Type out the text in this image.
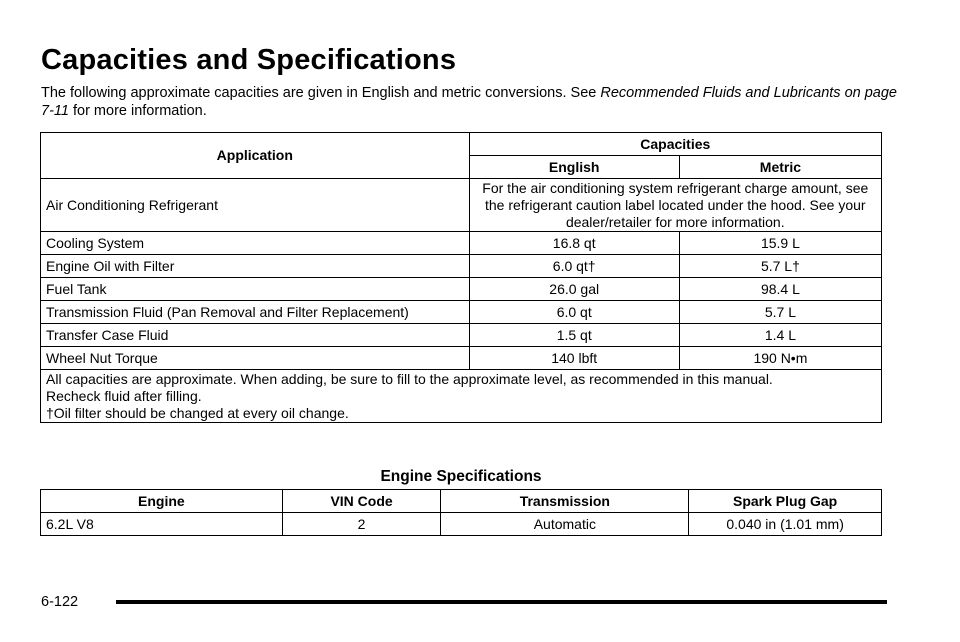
Capacities and Specifications
The following approximate capacities are given in English and metric conversions. See Recommended Fluids and Lubricants on page 7-11 for more information.
Application	Capacities	
	English	Metric
Air Conditioning Refrigerant	For the air conditioning system refrigerant charge amount, see the refrigerant caution label located under the hood. See your dealer/retailer for more information.	
Cooling System	16.8 qt	15.9 L
Engine Oil with Filter	6.0 qt†	5.7 L†
Fuel Tank	26.0 gal	98.4 L
Transmission Fluid (Pan Removal and Filter Replacement)	6.0 qt	5.7 L
Transfer Case Fluid	1.5 qt	1.4 L
Wheel Nut Torque	140 lbft	190 N•m

All capacities are approximate. When adding, be sure to fill to the approximate level, as recommended in this manual.
Recheck fluid after filling.
†Oil filter should be changed at every oil change.		
Engine Specifications
Engine	VIN Code	Transmission	Spark Plug Gap
6.2L V8	2	Automatic	0.040 in (1.01 mm)
6-122
